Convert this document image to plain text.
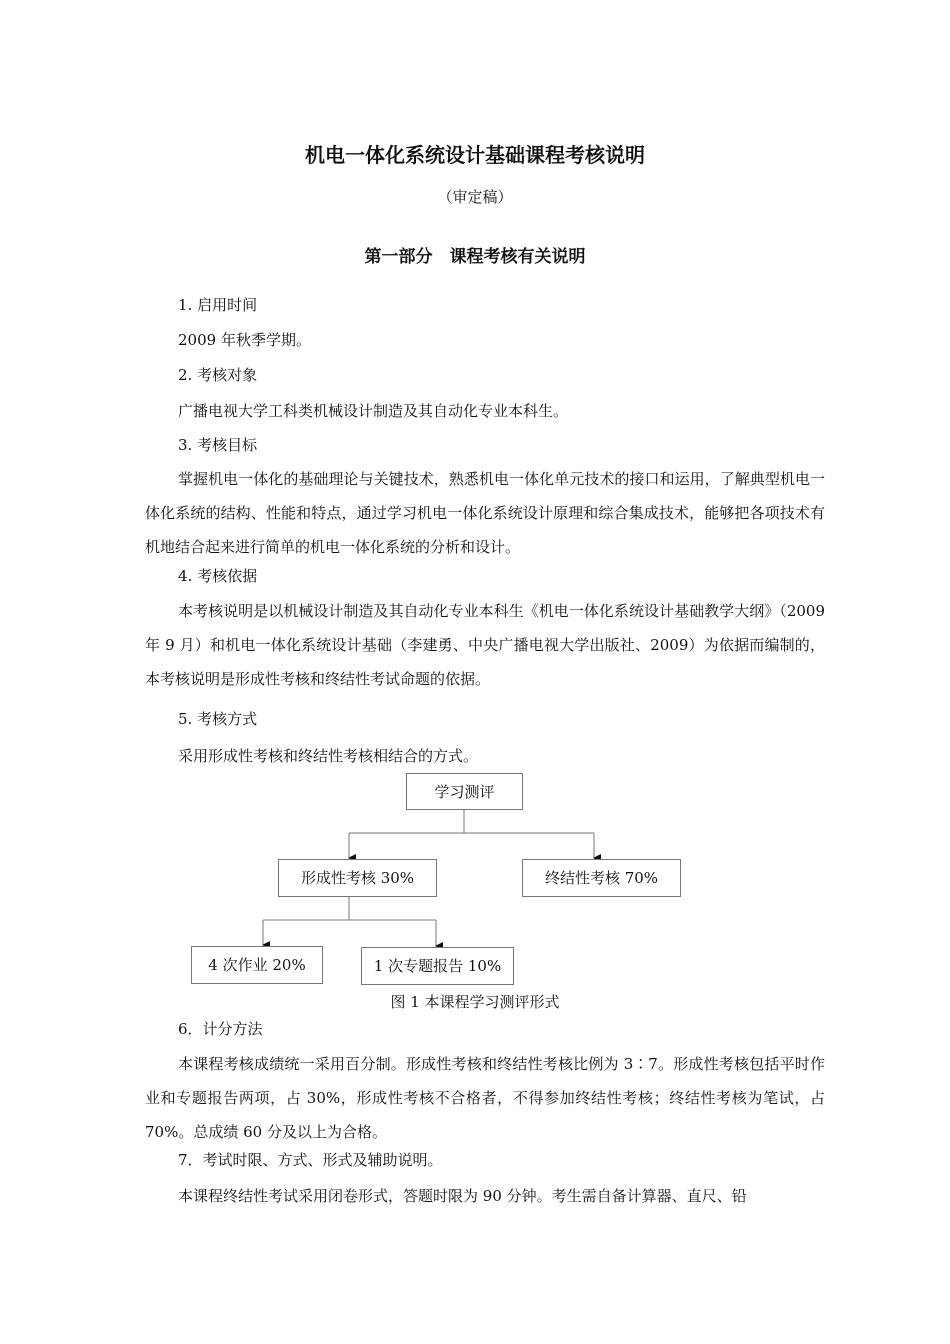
机电一体化系统设计基础课程考核说明
（审定稿）
第一部分　课程考核有关说明
1. 启用时间
2009 年秋季学期。
2. 考核对象
广播电视大学工科类机械设计制造及其自动化专业本科生。
3. 考核目标
掌握机电一体化的基础理论与关键技术，熟悉机电一体化单元技术的接口和运用，了解典型机电一体化系统的结构、性能和特点，通过学习机电一体化系统设计原理和综合集成技术，能够把各项技术有机地结合起来进行简单的机电一体化系统的分析和设计。
4. 考核依据
本考核说明是以机械设计制造及其自动化专业本科生《机电一体化系统设计基础教学大纲》（2009 年 9 月）和机电一体化系统设计基础（李建勇、中央广播电视大学出版社、2009）为依据而编制的，本考核说明是形成性考核和终结性考试命题的依据。
5. 考核方式
采用形成性考核和终结性考核相结合的方式。
学习测评
形成性考核 30%	终结性考核 70%
4 次作业 20%	1 次专题报告 10%
图 1 本课程学习测评形式
6．计分方法
本课程考核成绩统一采用百分制。形成性考核和终结性考核比例为 3∶7。形成性考核包括平时作业和专题报告两项，占 30%，形成性考核不合格者，不得参加终结性考核；终结性考核为笔试，占 70%。总成绩 60 分及以上为合格。
7．考试时限、方式、形式及辅助说明。
本课程终结性考试采用闭卷形式，答题时限为 90 分钟。考生需自备计算器、直尺、铅
